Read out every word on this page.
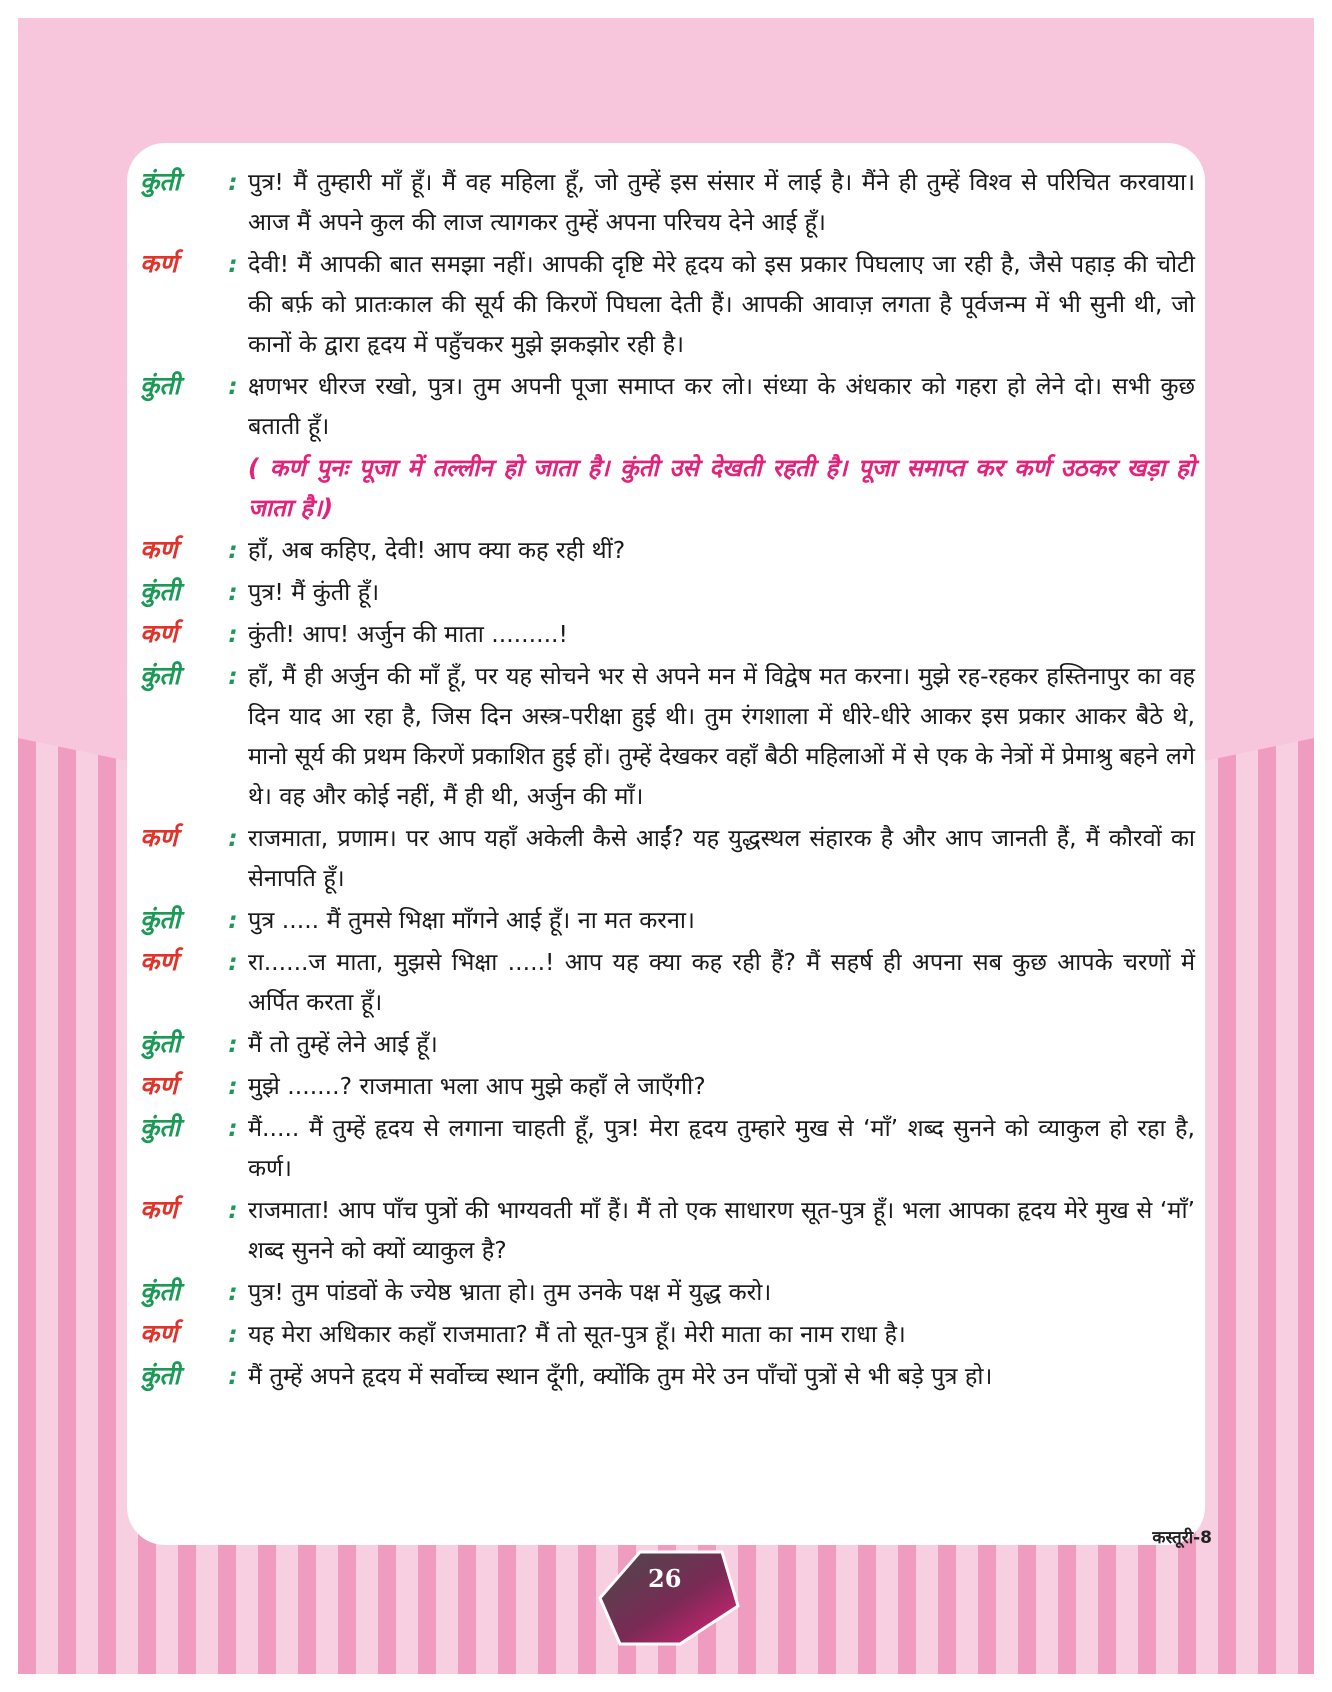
कुंती	: पुत्र! मैं तुम्हारी माँ हूँ। मैं वह महिला हूँ, जो तुम्हें इस संसार में लाई है। मैंने ही तुम्हें विश्व से परिचित करवाया। आज मैं अपने कुल की लाज त्यागकर तुम्हें अपना परिचय देने आई हूँ।
कर्ण	: देवी! मैं आपकी बात समझा नहीं। आपकी दृष्टि मेरे हृदय को इस प्रकार पिघलाए जा रही है, जैसे पहाड़ की चोटी की बर्फ़ को प्रातःकाल की सूर्य की किरणें पिघला देती हैं। आपकी आवाज़ लगता है पूर्वजन्म में भी सुनी थी, जो कानों के द्वारा हृदय में पहुँचकर मुझे झकझोर रही है।
कुंती	: क्षणभर धीरज रखो, पुत्र। तुम अपनी पूजा समाप्त कर लो। संध्या के अंधकार को गहरा हो लेने दो। सभी कुछ बताती हूँ।
( कर्ण पुनः पूजा में तल्लीन हो जाता है। कुंती उसे देखती रहती है। पूजा समाप्त कर कर्ण उठकर खड़ा हो जाता है।)
कर्ण	: हाँ, अब कहिए, देवी! आप क्या कह रही थीं?
कुंती	: पुत्र! मैं कुंती हूँ।
कर्ण	: कुंती! आप! अर्जुन की माता .........!
कुंती	: हाँ, मैं ही अर्जुन की माँ हूँ, पर यह सोचने भर से अपने मन में विद्वेष मत करना। मुझे रह-रहकर हस्तिनापुर का वह दिन याद आ रहा है, जिस दिन अस्त्र-परीक्षा हुई थी। तुम रंगशाला में धीरे-धीरे आकर इस प्रकार आकर बैठे थे, मानो सूर्य की प्रथम किरणें प्रकाशित हुई हों। तुम्हें देखकर वहाँ बैठी महिलाओं में से एक के नेत्रों में प्रेमाश्रु बहने लगे थे। वह और कोई नहीं, मैं ही थी, अर्जुन की माँ।
कर्ण	: राजमाता, प्रणाम। पर आप यहाँ अकेली कैसे आईं? यह युद्धस्थल संहारक है और आप जानती हैं, मैं कौरवों का सेनापति हूँ।
कुंती	: पुत्र ..... मैं तुमसे भिक्षा माँगने आई हूँ। ना मत करना।
कर्ण	: रा......ज माता, मुझसे भिक्षा .....! आप यह क्या कह रही हैं? मैं सहर्ष ही अपना सब कुछ आपके चरणों में अर्पित करता हूँ।
कुंती	: मैं तो तुम्हें लेने आई हूँ।
कर्ण	: मुझे .......? राजमाता भला आप मुझे कहाँ ले जाएँगी?
कुंती	: मैं..... मैं तुम्हें हृदय से लगाना चाहती हूँ, पुत्र! मेरा हृदय तुम्हारे मुख से ‘माँ’ शब्द सुनने को व्याकुल हो रहा है, कर्ण।
कर्ण	: राजमाता! आप पाँच पुत्रों की भाग्यवती माँ हैं। मैं तो एक साधारण सूत-पुत्र हूँ। भला आपका हृदय मेरे मुख से ‘माँ’ शब्द सुनने को क्यों व्याकुल है?
कुंती	: पुत्र! तुम पांडवों के ज्येष्ठ भ्राता हो। तुम उनके पक्ष में युद्ध करो।
कर्ण	: यह मेरा अधिकार कहाँ राजमाता? मैं तो सूत-पुत्र हूँ। मेरी माता का नाम राधा है।
कुंती	: मैं तुम्हें अपने हृदय में सर्वोच्च स्थान दूँगी, क्योंकि तुम मेरे उन पाँचों पुत्रों से भी बड़े पुत्र हो।
कस्तूरी-8
26
